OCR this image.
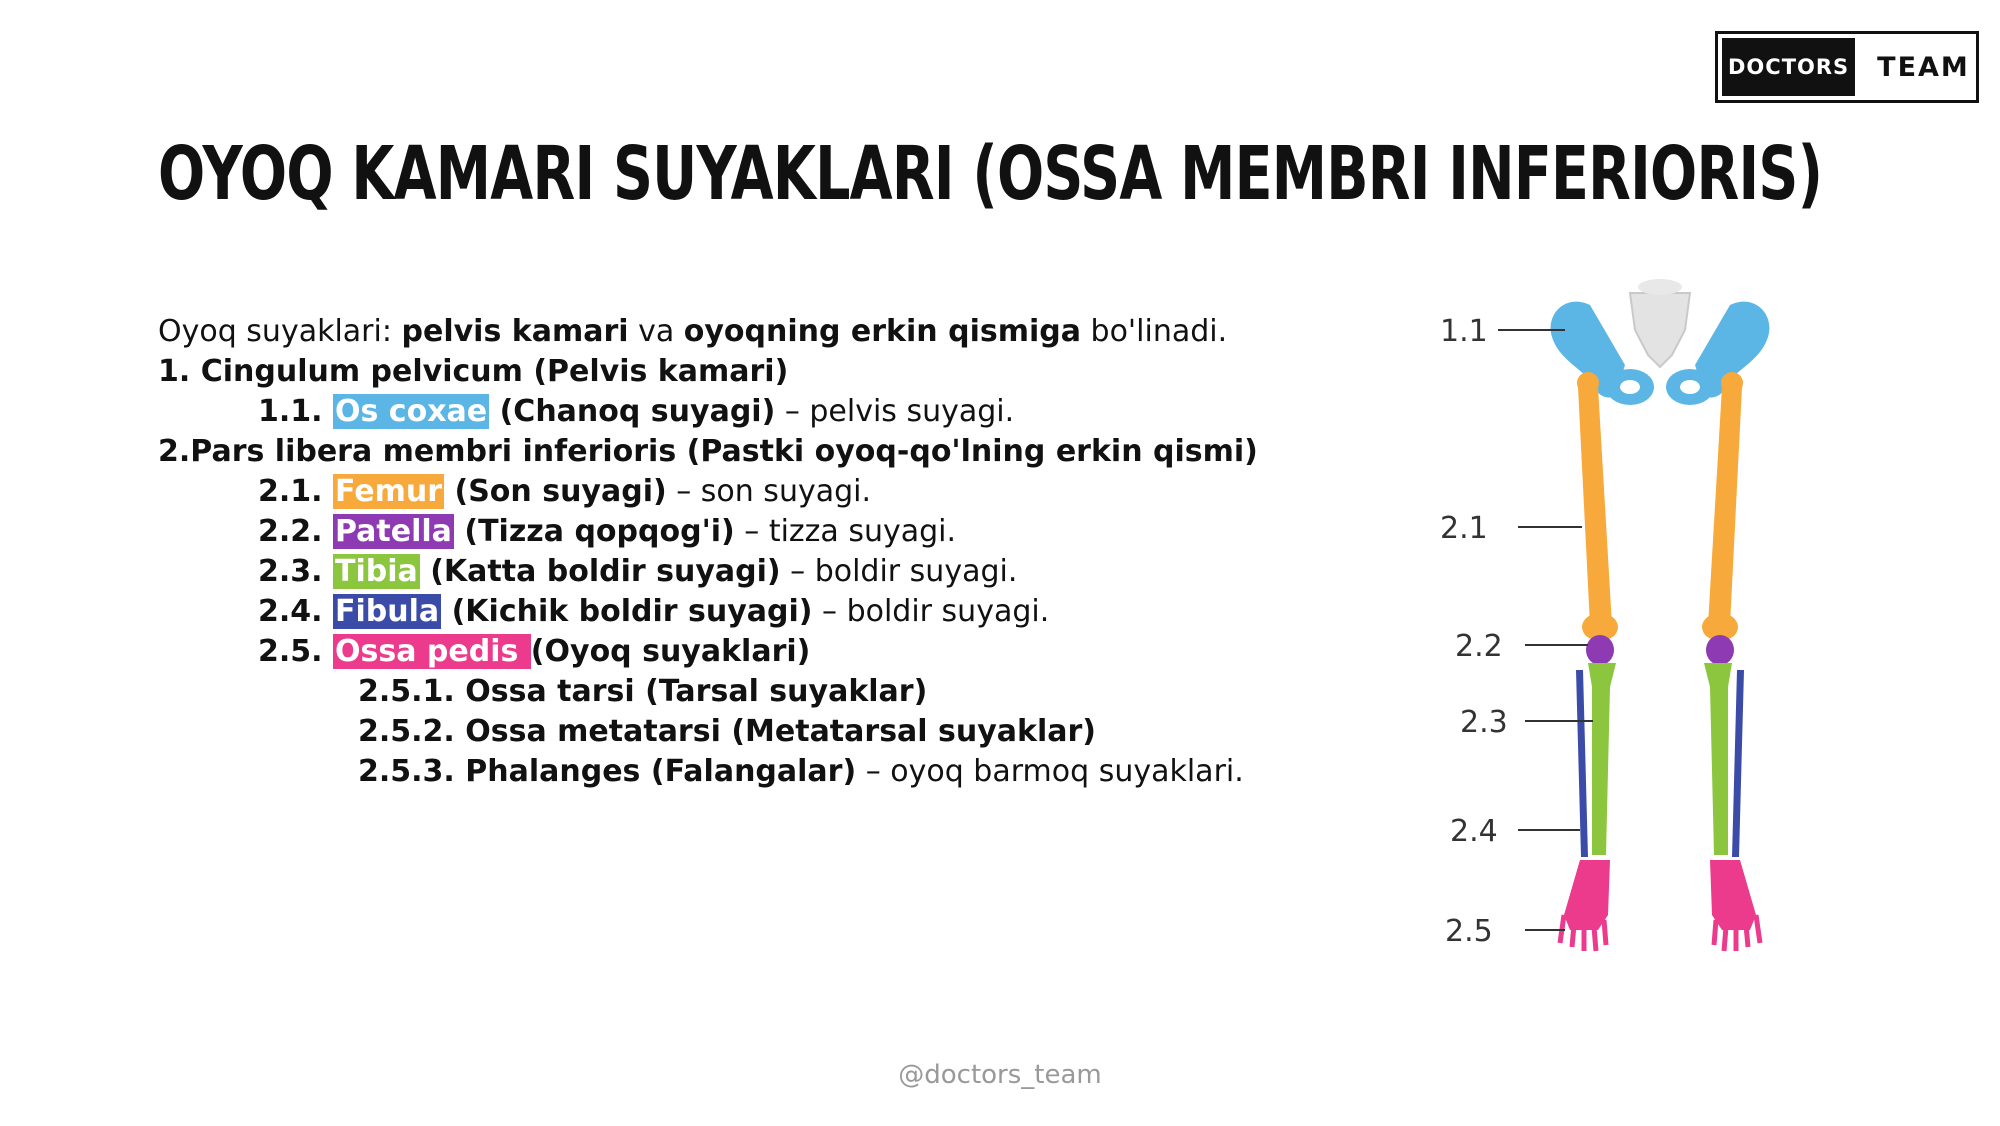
DOCTORS	TEAM
OYOQ KAMARI SUYAKLARI (OSSA MEMBRI INFERIORIS)
Oyoq suyaklari: pelvis kamari va oyoqning erkin qismiga bo'linadi.
1. Cingulum pelvicum (Pelvis kamari)
1.1. Os coxae (Chanoq suyagi) – pelvis suyagi.
2.Pars libera membri inferioris (Pastki oyoq-qo'lning erkin qismi)
2.1. Femur (Son suyagi) – son suyagi.
2.2. Patella (Tizza qopqog'i) – tizza suyagi.
2.3. Tibia (Katta boldir suyagi) – boldir suyagi.
2.4. Fibula (Kichik boldir suyagi) – boldir suyagi.
2.5. Ossa pedis (Oyoq suyaklari)
2.5.1. Ossa tarsi (Tarsal suyaklar)
2.5.2. Ossa metatarsi (Metatarsal suyaklar)
2.5.3. Phalanges (Falangalar) – oyoq barmoq suyaklari.
1.1
2.1
2.2
2.3
2.4
2.5
@doctors_team
